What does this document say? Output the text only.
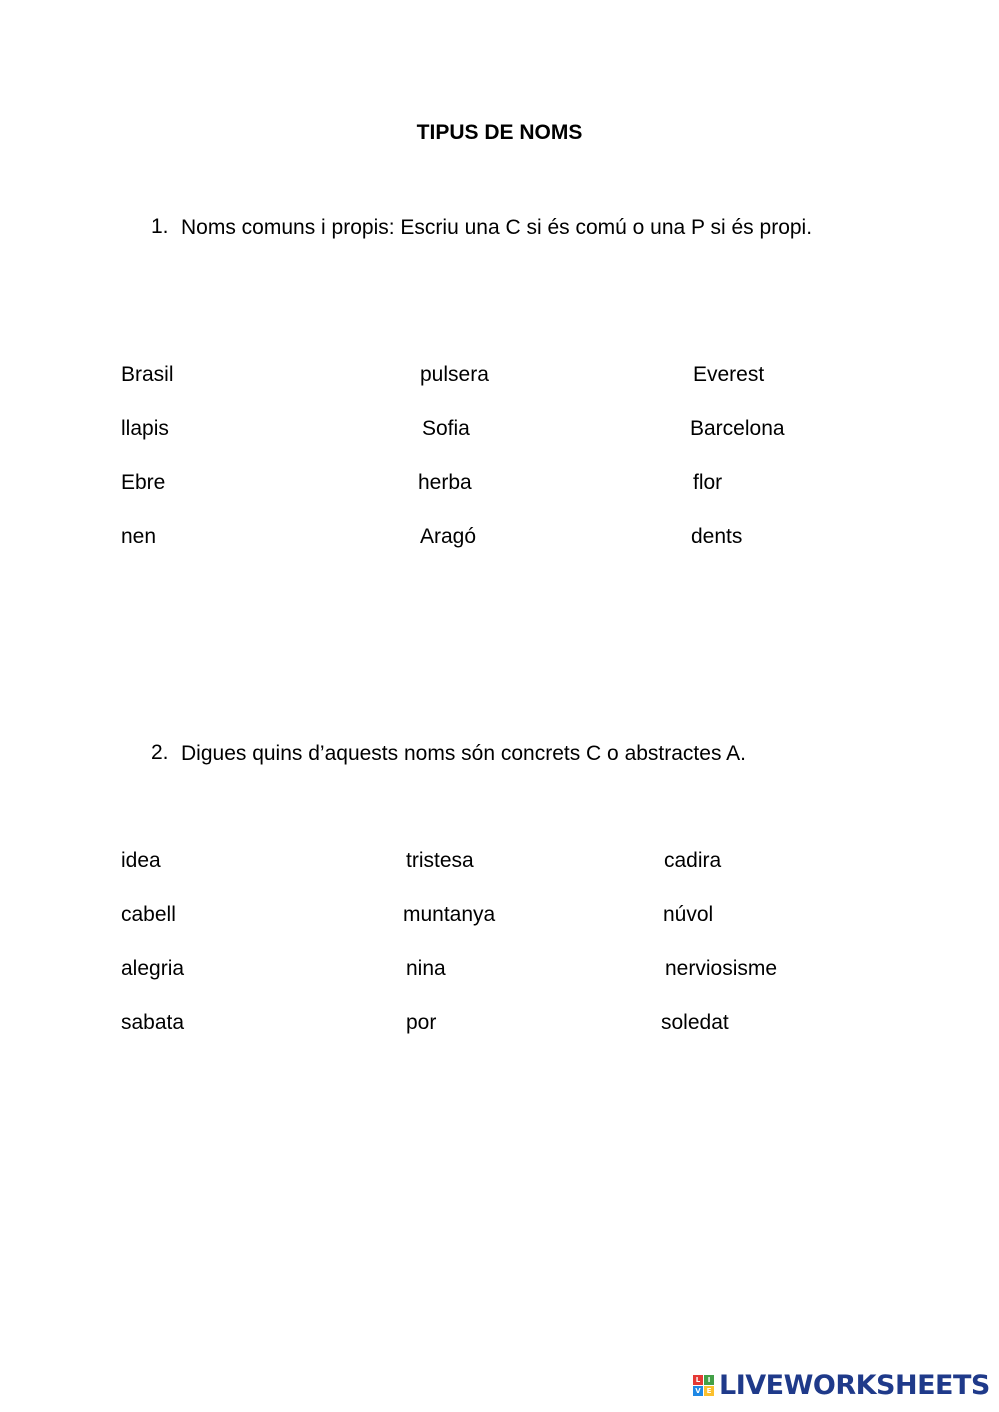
TIPUS DE NOMS
1. Noms comuns i propis: Escriu una C si és comú o una P si és propi.
Brasil	pulsera	Everest
llapis	Sofia	Barcelona
Ebre	herba	flor
nen	Aragó	dents
2. Digues quins d’aquests noms són concrets C o abstractes A.
idea	tristesa	cadira
cabell	muntanya	núvol
alegria	nina	nerviosisme
sabata	por	soledat
L	I
V E LIVEWORKSHEETS
